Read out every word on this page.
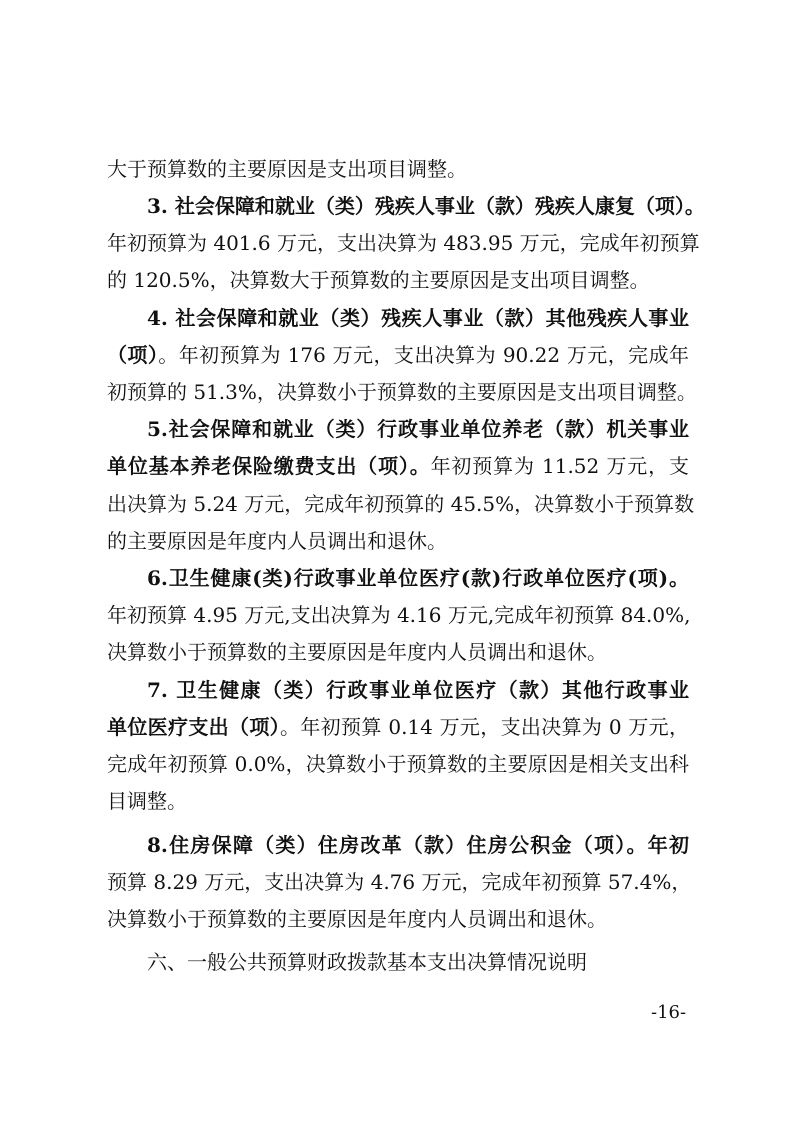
大于预算数的主要原因是支出项目调整。
3. 社会保障和就业（类）残疾人事业（款）残疾人康复（项）。
年初预算为 401.6 万元，支出决算为 483.95 万元，完成年初预算
的 120.5%，决算数大于预算数的主要原因是支出项目调整。
4. 社会保障和就业（类）残疾人事业（款）其他残疾人事业
（项）。年初预算为 176 万元，支出决算为 90.22 万元，完成年
初预算的 51.3%，决算数小于预算数的主要原因是支出项目调整。
5.社会保障和就业（类）行政事业单位养老（款）机关事业
单位基本养老保险缴费支出（项）。年初预算为 11.52 万元，支
出决算为 5.24 万元，完成年初预算的 45.5%，决算数小于预算数
的主要原因是年度内人员调出和退休。
6.卫生健康(类)行政事业单位医疗(款)行政单位医疗(项)。
年初预算 4.95 万元,支出决算为 4.16 万元,完成年初预算 84.0%,
决算数小于预算数的主要原因是年度内人员调出和退休。
7. 卫生健康（类）行政事业单位医疗（款）其他行政事业
单位医疗支出（项）。年初预算 0.14 万元，支出决算为 0 万元，
完成年初预算 0.0%，决算数小于预算数的主要原因是相关支出科
目调整。
8.住房保障（类）住房改革（款）住房公积金（项）。年初
预算 8.29 万元，支出决算为 4.76 万元，完成年初预算 57.4%，
决算数小于预算数的主要原因是年度内人员调出和退休。
六、一般公共预算财政拨款基本支出决算情况说明
-16-
